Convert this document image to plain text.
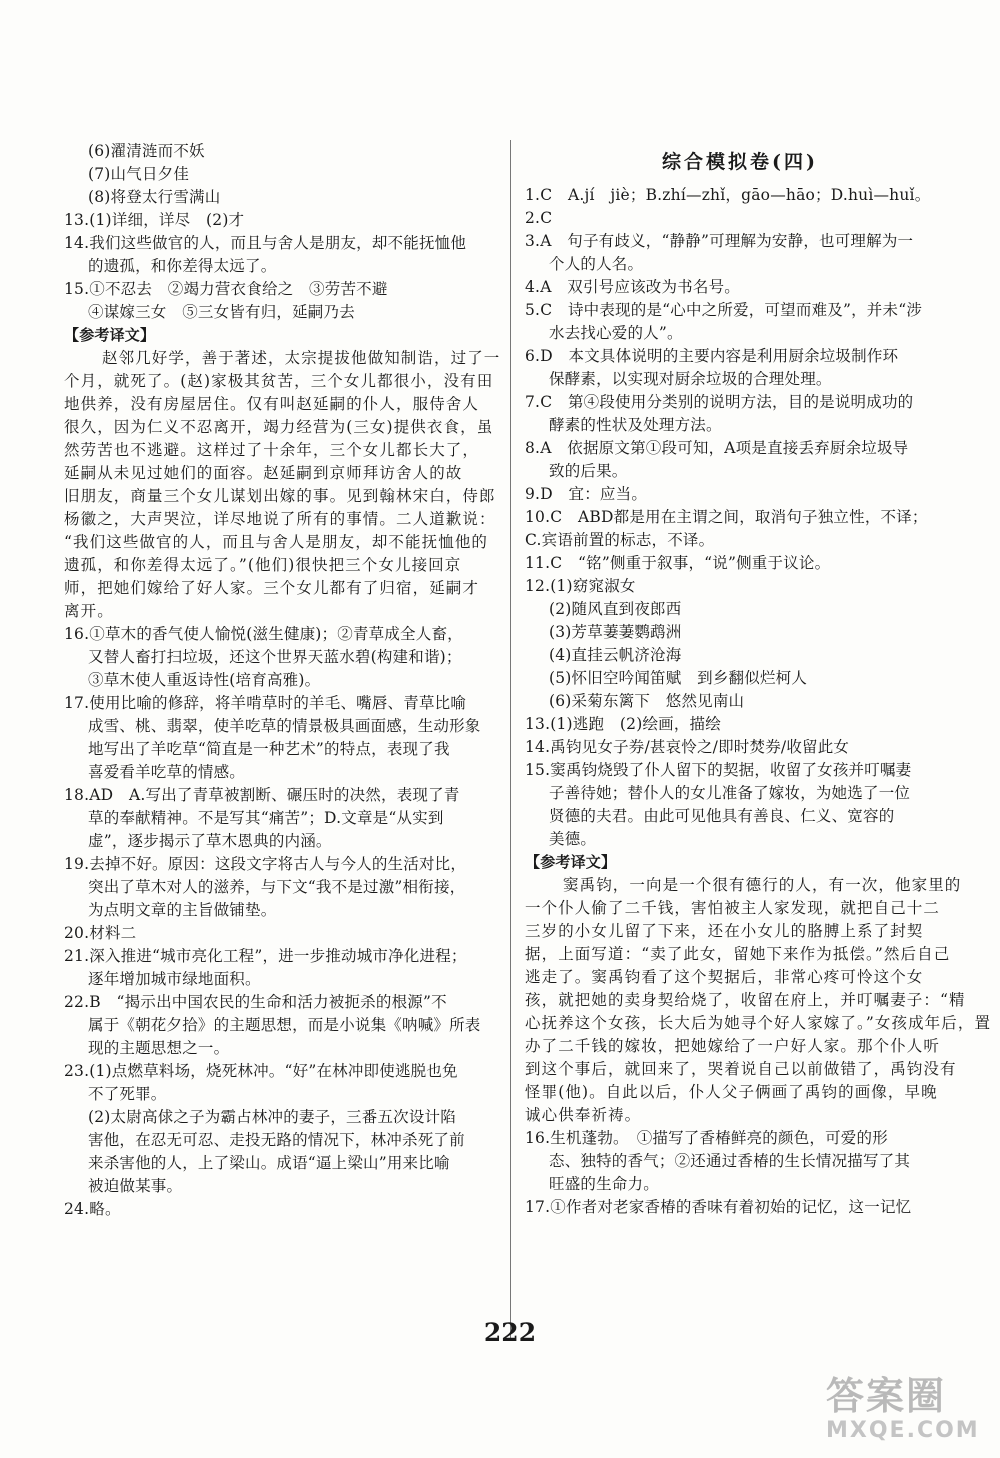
(6)濯清涟而不妖
(7)山气日夕佳
(8)将登太行雪满山
13.(1)详细，详尽　(2)才
14.我们这些做官的人，而且与舍人是朋友，却不能抚恤他
的遗孤，和你差得太远了。
15.①不忍去　②竭力营衣食给之　③劳苦不避
④谋嫁三女　⑤三女皆有归，延嗣乃去
【参考译文】
赵邻几好学，善于著述，太宗提拔他做知制诰，过了一
个月，就死了。(赵)家极其贫苦，三个女儿都很小，没有田
地供养，没有房屋居住。仅有叫赵延嗣的仆人，服侍舍人
很久，因为仁义不忍离开，竭力经营为(三女)提供衣食，虽
然劳苦也不逃避。这样过了十余年，三个女儿都长大了，
延嗣从未见过她们的面容。赵延嗣到京师拜访舍人的故
旧朋友，商量三个女儿谋划出嫁的事。见到翰林宋白，侍郎
杨徽之，大声哭泣，详尽地说了所有的事情。二人道歉说：
“我们这些做官的人，而且与舍人是朋友，却不能抚恤他的
遗孤，和你差得太远了。”(他们)很快把三个女儿接回京
师，把她们嫁给了好人家。三个女儿都有了归宿，延嗣才
离开。
16.①草木的香气使人愉悦(滋生健康)；②青草成全人畜，
又替人畜打扫垃圾，还这个世界天蓝水碧(构建和谐)；
③草木使人重返诗性(培育高雅)。
17.使用比喻的修辞，将羊啃草时的羊毛、嘴唇、青草比喻
成雪、桃、翡翠，使羊吃草的情景极具画面感，生动形象
地写出了羊吃草“简直是一种艺术”的特点，表现了我
喜爱看羊吃草的情感。
18.AD　A.写出了青草被割断、碾压时的决然，表现了青
草的奉献精神。不是写其“痛苦”；D.文章是“从实到
虚”，逐步揭示了草木恩典的内涵。
19.去掉不好。原因：这段文字将古人与今人的生活对比，
突出了草木对人的滋养，与下文“我不是过激”相衔接，
为点明文章的主旨做铺垫。
20.材料二
21.深入推进“城市亮化工程”，进一步推动城市净化进程；
逐年增加城市绿地面积。
22.B　“揭示出中国农民的生命和活力被扼杀的根源”不
属于《朝花夕拾》的主题思想，而是小说集《呐喊》所表
现的主题思想之一。
23.(1)点燃草料场，烧死林冲。“好”在林冲即使逃脱也免
不了死罪。
(2)太尉高俅之子为霸占林冲的妻子，三番五次设计陷
害他，在忍无可忍、走投无路的情况下，林冲杀死了前
来杀害他的人，上了梁山。成语“逼上梁山”用来比喻
被迫做某事。
24.略。
综合模拟卷(四)
1.C　A.jí　jiè；B.zhí—zhǐ，gāo—hāo；D.huì—huǐ。
2.C
3.A　句子有歧义，“静静”可理解为安静，也可理解为一
个人的人名。
4.A　双引号应该改为书名号。
5.C　诗中表现的是“心中之所爱，可望而难及”，并未“涉
水去找心爱的人”。
6.D　本文具体说明的主要内容是利用厨余垃圾制作环
保酵素，以实现对厨余垃圾的合理处理。
7.C　第④段使用分类别的说明方法，目的是说明成功的
酵素的性状及处理方法。
8.A　依据原文第①段可知，A项是直接丢弃厨余垃圾导
致的后果。
9.D　宜：应当。
10.C　ABD都是用在主谓之间，取消句子独立性，不译；
C.宾语前置的标志，不译。
11.C　“铭”侧重于叙事，“说”侧重于议论。
12.(1)窈窕淑女
(2)随风直到夜郎西
(3)芳草萋萋鹦鹉洲
(4)直挂云帆济沧海
(5)怀旧空吟闻笛赋　到乡翻似烂柯人
(6)采菊东篱下　悠然见南山
13.(1)逃跑　(2)绘画，描绘
14.禹钧见女子券/甚哀怜之/即时焚券/收留此女
15.窦禹钧烧毁了仆人留下的契据，收留了女孩并叮嘱妻
子善待她；替仆人的女儿准备了嫁妆，为她选了一位
贤德的夫君。由此可见他具有善良、仁义、宽容的
美德。
【参考译文】
窦禹钧，一向是一个很有德行的人，有一次，他家里的
一个仆人偷了二千钱，害怕被主人家发现，就把自己十二
三岁的小女儿留了下来，还在小女儿的胳膊上系了封契
据，上面写道：“卖了此女，留她下来作为抵偿。”然后自己
逃走了。窦禹钧看了这个契据后，非常心疼可怜这个女
孩，就把她的卖身契给烧了，收留在府上，并叮嘱妻子：“精
心抚养这个女孩，长大后为她寻个好人家嫁了。”女孩成年后，置
办了二千钱的嫁妆，把她嫁给了一户好人家。那个仆人听
到这个事后，就回来了，哭着说自己以前做错了，禹钧没有
怪罪(他)。自此以后，仆人父子俩画了禹钧的画像，早晚
诚心供奉祈祷。
16.生机蓬勃。　①描写了香椿鲜亮的颜色，可爱的形
态、独特的香气；②还通过香椿的生长情况描写了其
旺盛的生命力。
17.①作者对老家香椿的香味有着初始的记忆，这一记忆
222
答案圈
MXQE.COM
